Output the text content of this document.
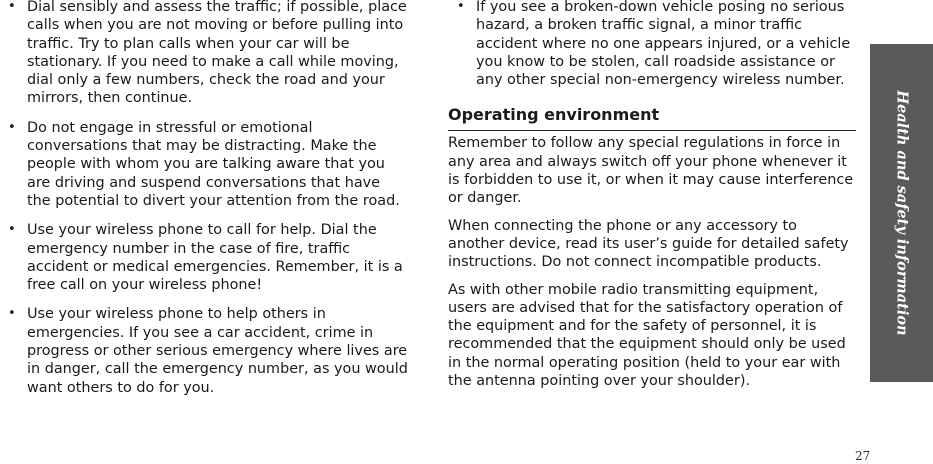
• Dial sensibly and assess the traffic; if possible, place calls when you are not moving or before pulling into traffic. Try to plan calls when your car will be stationary. If you need to make a call while moving, dial only a few numbers, check the road and your mirrors, then continue.
• Do not engage in stressful or emotional conversations that may be distracting. Make the people with whom you are talking aware that you are driving and suspend conversations that have the potential to divert your attention from the road.
• Use your wireless phone to call for help. Dial the emergency number in the case of fire, traffic accident or medical emergencies. Remember, it is a free call on your wireless phone!
• Use your wireless phone to help others in emergencies. If you see a car accident, crime in progress or other serious emergency where lives are in danger, call the emergency number, as you would want others to do for you.
• If you see a broken-down vehicle posing no serious hazard, a broken traffic signal, a minor traffic accident where no one appears injured, or a vehicle you know to be stolen, call roadside assistance or any other special non-emergency wireless number.
Operating environment

Remember to follow any special regulations in force in any area and always switch off your phone whenever it is forbidden to use it, or when it may cause interference or danger.

When connecting the phone or any accessory to another device, read its user’s guide for detailed safety instructions. Do not connect incompatible products.

As with other mobile radio transmitting equipment, users are advised that for the satisfactory operation of the equipment and for the safety of personnel, it is recommended that the equipment should only be used in the normal operating position (held to your ear with the antenna pointing over your shoulder).

Health and safety information
27
